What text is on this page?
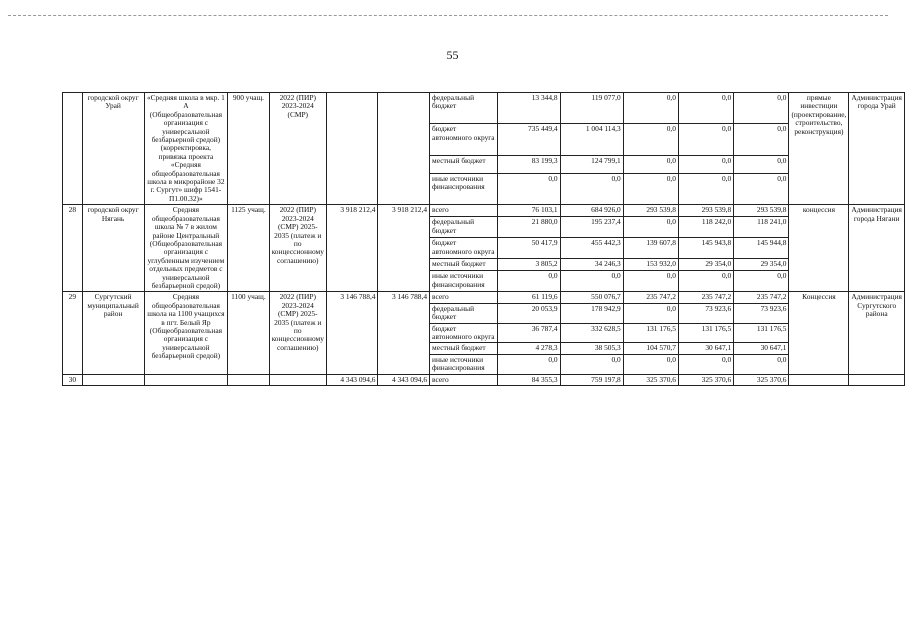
55
	городской округ Урай	«Средняя школа в мкр. 1 А (Общеобразовательная организация с универсальной безбарьерной средой) (корректировка, привязка проекта «Средняя общеобразовательная школа в микрорайоне 32 г. Сургут» шифр 1541-П1.00.32)»	900 учащ.	2022 (ПИР) 2023-2024 (СМР)			федеральный бюджет	13 344,8	119 077,0	0,0	0,0	0,0	прямые инвестиции (проектирование, строительство, реконструкция)	Администрация города Урай
							бюджет автономного округа	735 449,4	1 004 114,3	0,0	0,0	0,0		
							местный бюджет	83 199,3	124 799,1	0,0	0,0	0,0		
							иные источники финансирования	0,0	0,0	0,0	0,0	0,0		
28	городской округ Нягань	Средняя общеобразовательная школа № 7 в жилом районе Центральный (Общеобразовательная организация с углубленным изучением отдельных предметов с универсальной безбарьерной средой)	1125 учащ.	2022 (ПИР) 2023-2024 (СМР) 2025-2035 (платеж и по концессионному соглашению)	3 918 212,4	3 918 212,4	всего	76 103,1	684 926,0	293 539,8	293 539,8	293 539,8	концессия	Администрация города Нягани
							федеральный бюджет	21 880,0	195 237,4	0,0	118 242,0	118 241,0		
							бюджет автономного округа	50 417,9	455 442,3	139 607,8	145 943,8	145 944,8		
							местный бюджет	3 805,2	34 246,3	153 932,0	29 354,0	29 354,0		
							иные источники финансирования	0,0	0,0	0,0	0,0	0,0		
29	Сургутский муниципальный район	Средняя общеобразовательная школа на 1100 учащихся в пгт. Белый Яр (Общеобразовательная организация с универсальной безбарьерной средой)	1100 учащ.	2022 (ПИР) 2023-2024 (СМР) 2025-2035 (платеж и по концессионному соглашению)	3 146 788,4	3 146 788,4	всего	61 119,6	550 076,7	235 747,2	235 747,2	235 747,2	Концессия	Администрация Сургутского района
							федеральный бюджет	20 053,9	178 942,9	0,0	73 923,6	73 923,6		
							бюджет автономного округа	36 787,4	332 628,5	131 176,5	131 176,5	131 176,5		
							местный бюджет	4 278,3	38 505,3	104 570,7	30 647,1	30 647,1		
							иные источники финансирования	0,0	0,0	0,0	0,0	0,0		
30					4 343 094,6	4 343 094,6	всего	84 355,3	759 197,8	325 370,6	325 370,6	325 370,6		
